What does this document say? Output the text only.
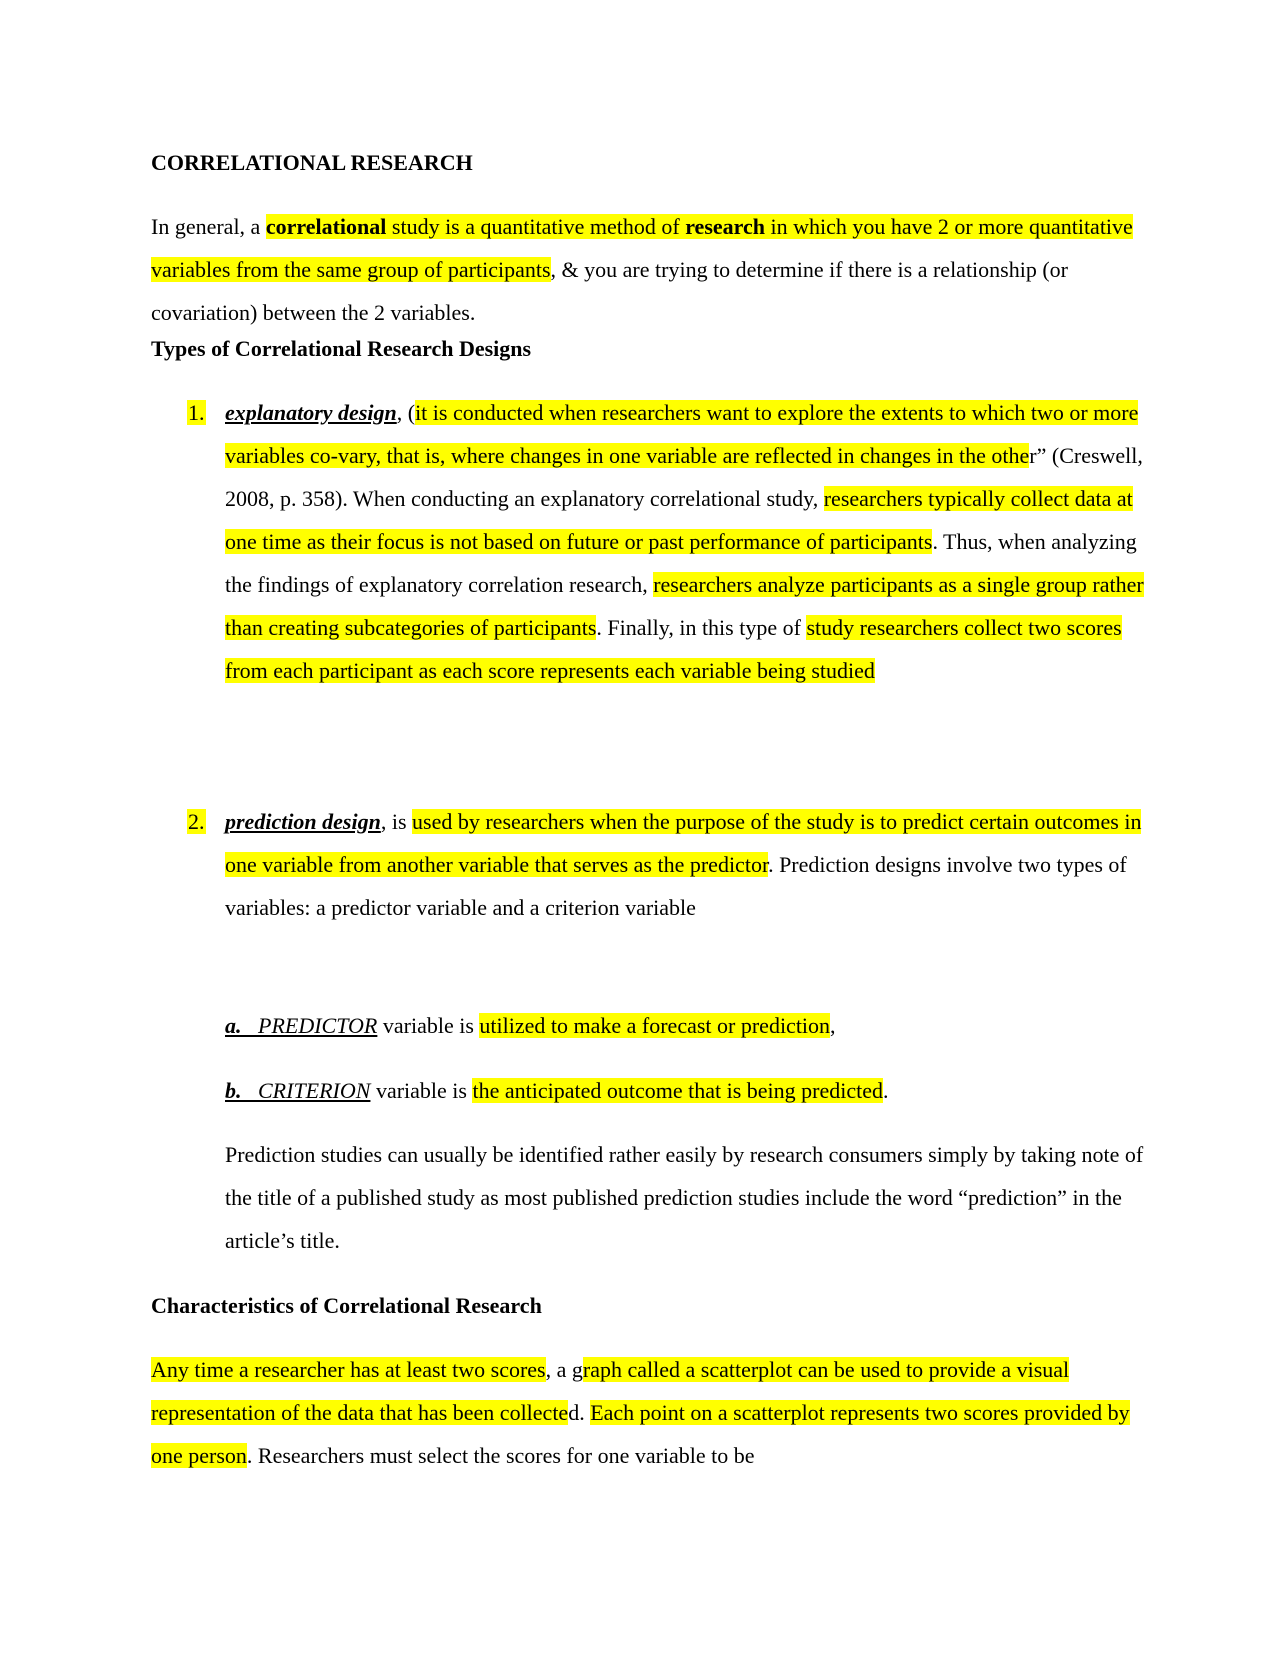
CORRELATIONAL RESEARCH
In general, a correlational study is a quantitative method of research in which you have 2 or more quantitative variables from the same group of participants, & you are trying to determine if there is a relationship (or covariation) between the 2 variables.
Types of Correlational Research Designs
1. explanatory design, (it is conducted when researchers want to explore the extents to which two or more variables co-vary, that is, where changes in one variable are reflected in changes in the other” (Creswell, 2008, p. 358). When conducting an explanatory correlational study, researchers typically collect data at one time as their focus is not based on future or past performance of participants. Thus, when analyzing the findings of explanatory correlation research, researchers analyze participants as a single group rather than creating subcategories of participants. Finally, in this type of study researchers collect two scores from each participant as each score represents each variable being studied
2. prediction design, is used by researchers when the purpose of the study is to predict certain outcomes in one variable from another variable that serves as the predictor. Prediction designs involve two types of variables: a predictor variable and a criterion variable
a. PREDICTOR variable is utilized to make a forecast or prediction,
b. CRITERION variable is the anticipated outcome that is being predicted.
Prediction studies can usually be identified rather easily by research consumers simply by taking note of the title of a published study as most published prediction studies include the word “prediction” in the article’s title.
Characteristics of Correlational Research
Any time a researcher has at least two scores, a graph called a scatterplot can be used to provide a visual representation of the data that has been collected. Each point on a scatterplot represents two scores provided by one person. Researchers must select the scores for one variable to be
